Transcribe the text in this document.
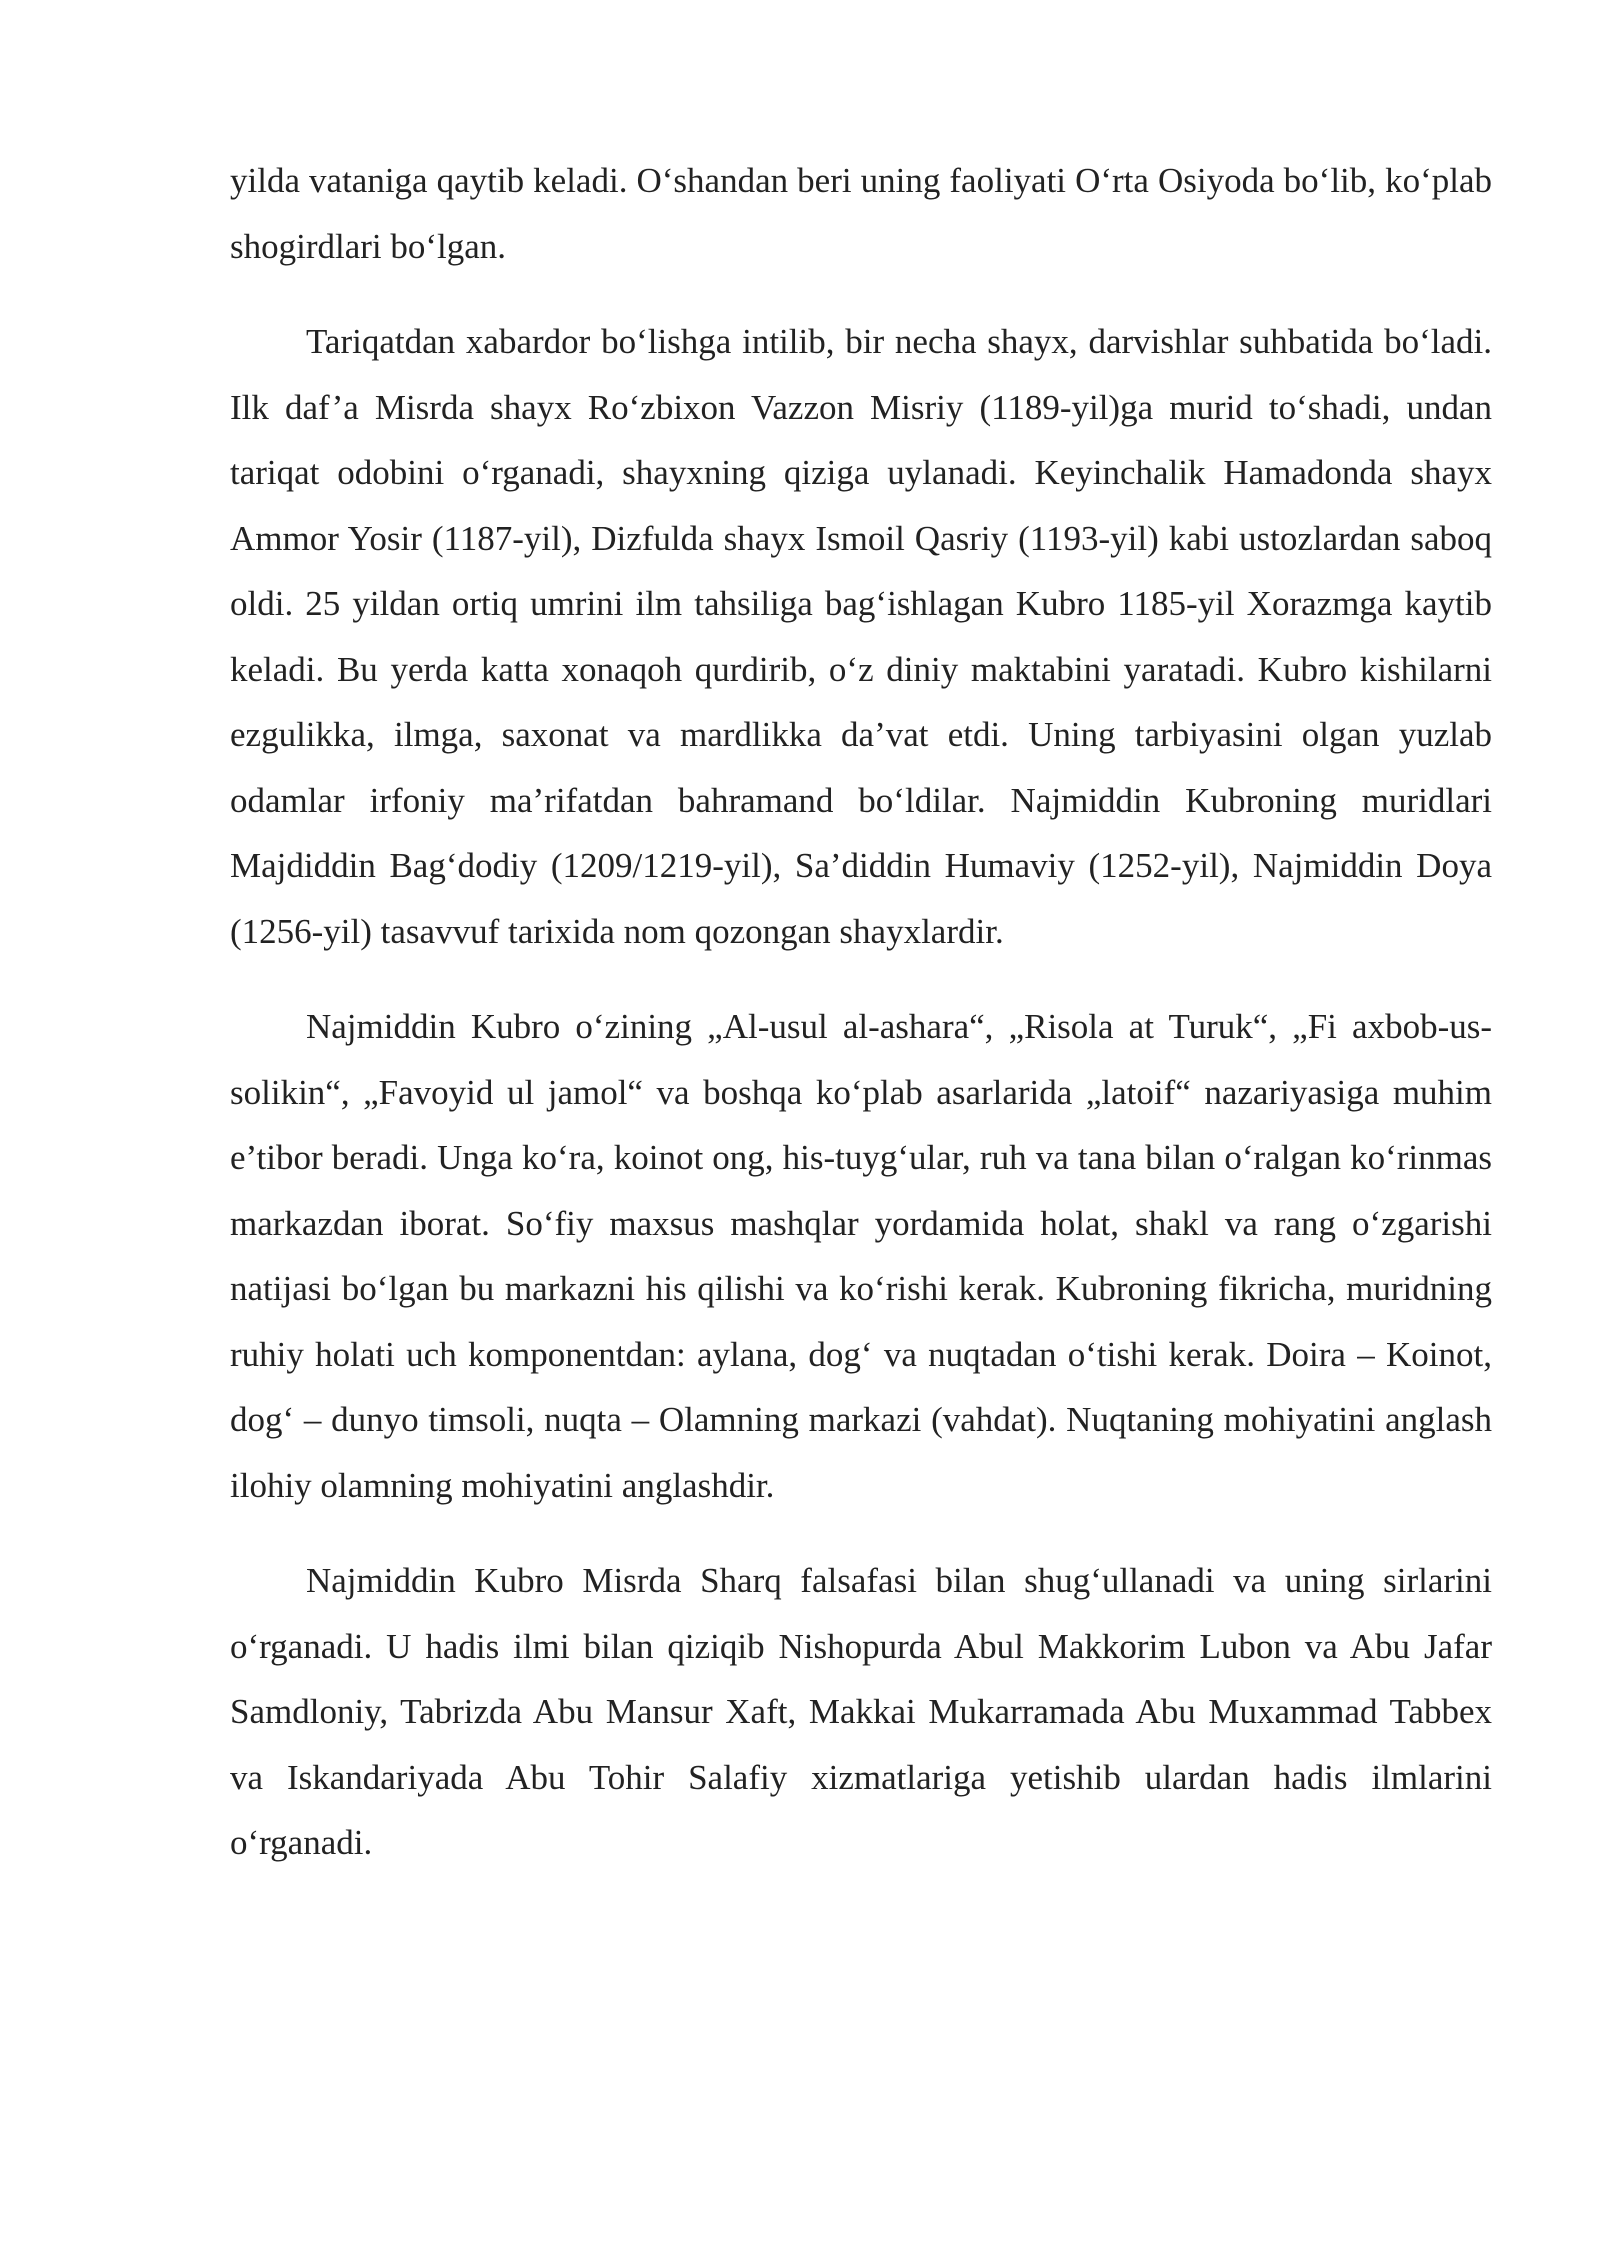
yilda vataniga qaytib keladi. O‘shandan beri uning faoliyati O‘rta Osiyoda bo‘lib, ko‘plab shogirdlari bo‘lgan.

Tariqatdan xabardor bo‘lishga intilib, bir necha shayx, darvishlar suhbatida bo‘ladi. Ilk daf’a Misrda shayx Ro‘zbixon Vazzon Misriy (1189-yil)ga murid to‘shadi, undan tariqat odobini o‘rganadi, shayxning qiziga uylanadi. Keyinchalik Hamadonda shayx Ammor Yosir (1187-yil), Dizfulda shayx Ismoil Qasriy (1193-yil) kabi ustozlardan saboq oldi. 25 yildan ortiq umrini ilm tahsiliga bag‘ishlagan Kubro 1185-yil Xorazmga kaytib keladi. Bu yerda katta xonaqoh qurdirib, o‘z diniy maktabini yaratadi. Kubro kishilarni ezgulikka, ilmga, saxonat va mardlikka da’vat etdi. Uning tarbiyasini olgan yuzlab odamlar irfoniy ma’rifatdan bahramand bo‘ldilar. Najmiddin Kubroning muridlari Majdiddin Bag‘dodiy (1209/1219-yil), Sa’diddin Humaviy (1252-yil), Najmiddin Doya (1256-yil) tasavvuf tarixida nom qozongan shayxlardir.

Najmiddin Kubro o‘zining „Al-usul al-ashara“, „Risola at Turuk“, „Fi axbob-us-solikin“, „Favoyid ul jamol“ va boshqa ko‘plab asarlarida „latoif“ nazariyasiga muhim e’tibor beradi. Unga ko‘ra, koinot ong, his-tuyg‘ular, ruh va tana bilan o‘ralgan ko‘rinmas markazdan iborat. So‘fiy maxsus mashqlar yordamida holat, shakl va rang o‘zgarishi natijasi bo‘lgan bu markazni his qilishi va ko‘rishi kerak. Kubroning fikricha, muridning ruhiy holati uch komponentdan: aylana, dog‘ va nuqtadan o‘tishi kerak. Doira – Koinot, dog‘ – dunyo timsoli, nuqta – Olamning markazi (vahdat). Nuqtaning mohiyatini anglash ilohiy olamning mohiyatini anglashdir.

Najmiddin Kubro Misrda Sharq falsafasi bilan shug‘ullanadi va uning sirlarini o‘rganadi. U hadis ilmi bilan qiziqib Nishopurda Abul Makkorim Lubon va Abu Jafar Samdloniy, Tabrizda Abu Mansur Xaft, Makkai Mukarramada Abu Muxammad Tabbex va Iskandariyada Abu Tohir Salafiy xizmatlariga yetishib ulardan hadis ilmlarini o‘rganadi.
